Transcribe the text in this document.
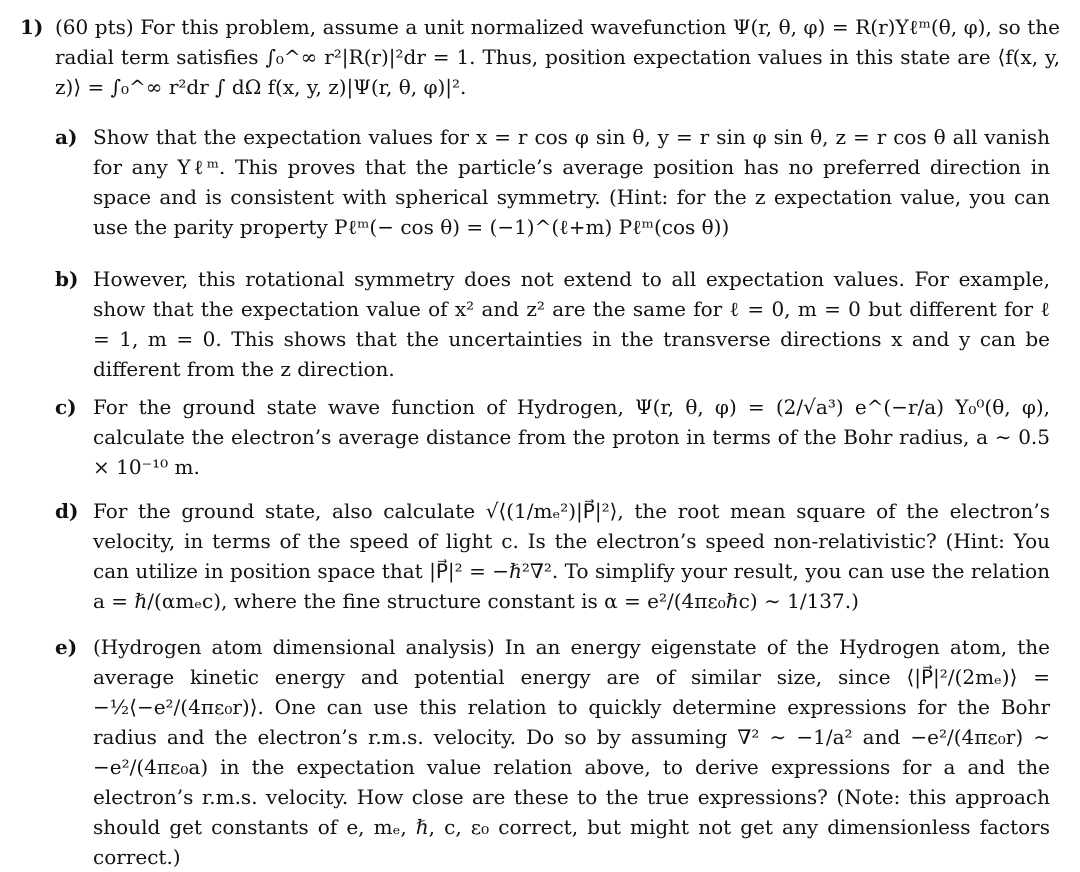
1) (60 pts) For this problem, assume a unit normalized wavefunction Ψ(r, θ, φ) = R(r)Yℓᵐ(θ, φ), so the radial term satisfies ∫₀^∞ r²|R(r)|²dr = 1. Thus, position expectation values in this state are ⟨f(x, y, z)⟩ = ∫₀^∞ r²dr ∫ dΩ f(x, y, z)|Ψ(r, θ, φ)|².
a) Show that the expectation values for x = r cos φ sin θ, y = r sin φ sin θ, z = r cos θ all vanish for any Yℓᵐ. This proves that the particle’s average position has no preferred direction in space and is consistent with spherical symmetry. (Hint: for the z expectation value, you can use the parity property Pℓᵐ(− cos θ) = (−1)^(ℓ+m) Pℓᵐ(cos θ))
b) However, this rotational symmetry does not extend to all expectation values. For example, show that the expectation value of x² and z² are the same for ℓ = 0, m = 0 but different for ℓ = 1, m = 0. This shows that the uncertainties in the transverse directions x and y can be different from the z direction.
c) For the ground state wave function of Hydrogen, Ψ(r, θ, φ) = (2/√a³) e^(−r/a) Y₀⁰(θ, φ), calculate the electron’s average distance from the proton in terms of the Bohr radius, a ∼ 0.5 × 10⁻¹⁰ m.
d) For the ground state, also calculate √⟨(1/mₑ²)|P⃗|²⟩, the root mean square of the electron’s velocity, in terms of the speed of light c. Is the electron’s speed non-relativistic? (Hint: You can utilize in position space that |P⃗|² = −ℏ²∇². To simplify your result, you can use the relation a = ℏ/(αmₑc), where the fine structure constant is α = e²/(4πε₀ℏc) ∼ 1/137.)
e) (Hydrogen atom dimensional analysis) In an energy eigenstate of the Hydrogen atom, the average kinetic energy and potential energy are of similar size, since ⟨|P⃗|²/(2mₑ)⟩ = −½⟨−e²/(4πε₀r)⟩. One can use this relation to quickly determine expressions for the Bohr radius and the electron’s r.m.s. velocity. Do so by assuming ∇² ∼ −1/a² and −e²/(4πε₀r) ∼ −e²/(4πε₀a) in the expectation value relation above, to derive expressions for a and the electron’s r.m.s. velocity. How close are these to the true expressions? (Note: this approach should get constants of e, mₑ, ℏ, c, ε₀ correct, but might not get any dimensionless factors correct.)
